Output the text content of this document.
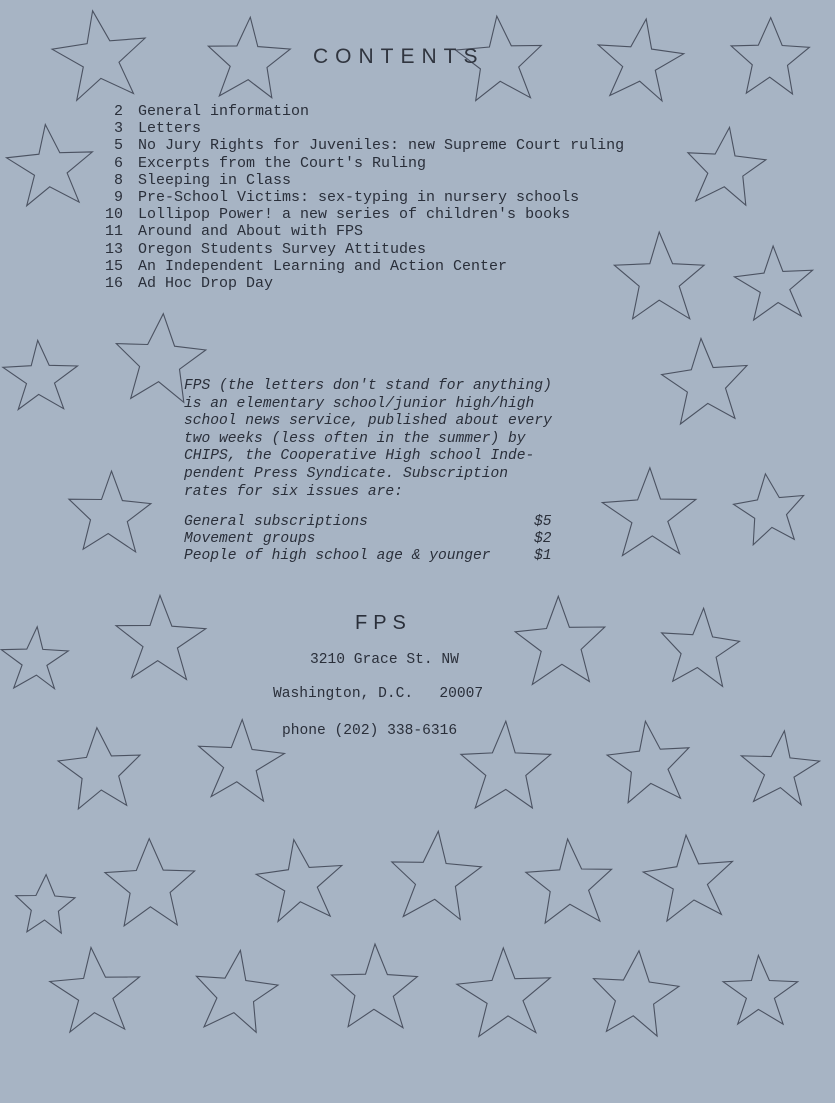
CONTENTS
2	General information
3	Letters
5	No Jury Rights for Juveniles: new Supreme Court ruling
6	Excerpts from the Court's Ruling
8	Sleeping in Class
9	Pre-School Victims: sex-typing in nursery schools
10	Lollipop Power! a new series of children's books
11	Around and About with FPS
13	Oregon Students Survey Attitudes
15	An Independent Learning and Action Center
16	Ad Hoc Drop Day

FPS (the letters don't stand for anything)
is an elementary school/junior high/high
school news service, published about every
two weeks (less often in the summer) by
CHIPS, the Cooperative High school Inde-
pendent Press Syndicate. Subscription
rates for six issues are:

General subscriptions	$5
Movement groups	$2
People of high school age & younger	$1
FPS
3210 Grace St. NW
Washington, D.C.   20007
phone (202) 338-6316
